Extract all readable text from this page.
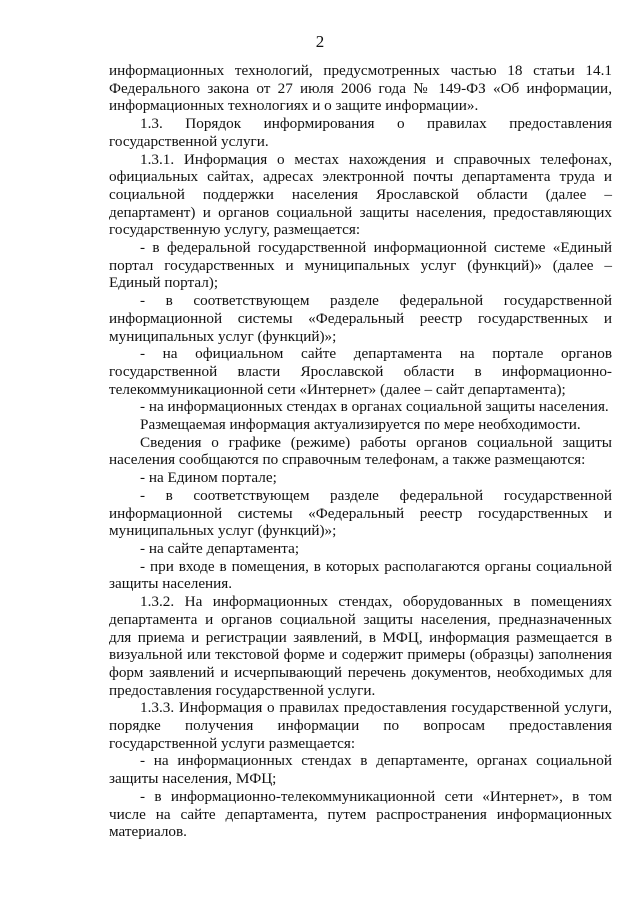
2

информационных технологий, предусмотренных частью 18 статьи 14.1 Федерального закона от 27 июля 2006 года № 149-ФЗ «Об информации, информационных технологиях и о защите информации».

1.3. Порядок информирования о правилах предоставления государственной услуги.

1.3.1. Информация о местах нахождения и справочных телефонах, официальных сайтах, адресах электронной почты департамента труда и социальной поддержки населения Ярославской области (далее – департамент) и органов социальной защиты населения, предоставляющих государственную услугу, размещается:

- в федеральной государственной информационной системе «Единый портал государственных и муниципальных услуг (функций)» (далее – Единый портал);

- в соответствующем разделе федеральной государственной информационной системы «Федеральный реестр государственных и муниципальных услуг (функций)»;

- на официальном сайте департамента на портале органов государственной власти Ярославской области в информационно-телекоммуникационной сети «Интернет» (далее – сайт департамента);

- на информационных стендах в органах социальной защиты населения.

Размещаемая информация актуализируется по мере необходимости.

Сведения о графике (режиме) работы органов социальной защиты населения сообщаются по справочным телефонам, а также размещаются:

- на Едином портале;

- в соответствующем разделе федеральной государственной информационной системы «Федеральный реестр государственных и муниципальных услуг (функций)»;

- на сайте департамента;

- при входе в помещения, в которых располагаются органы социальной защиты населения.

1.3.2. На информационных стендах, оборудованных в помещениях департамента и органов социальной защиты населения, предназначенных для приема и регистрации заявлений, в МФЦ, информация размещается в визуальной или текстовой форме и содержит примеры (образцы) заполнения форм заявлений и исчерпывающий перечень документов, необходимых для предоставления государственной услуги.

1.3.3. Информация о правилах предоставления государственной услуги, порядке получения информации по вопросам предоставления государственной услуги размещается:

- на информационных стендах в департаменте, органах социальной защиты населения, МФЦ;

- в информационно-телекоммуникационной сети «Интернет», в том числе на сайте департамента, путем распространения информационных материалов.
